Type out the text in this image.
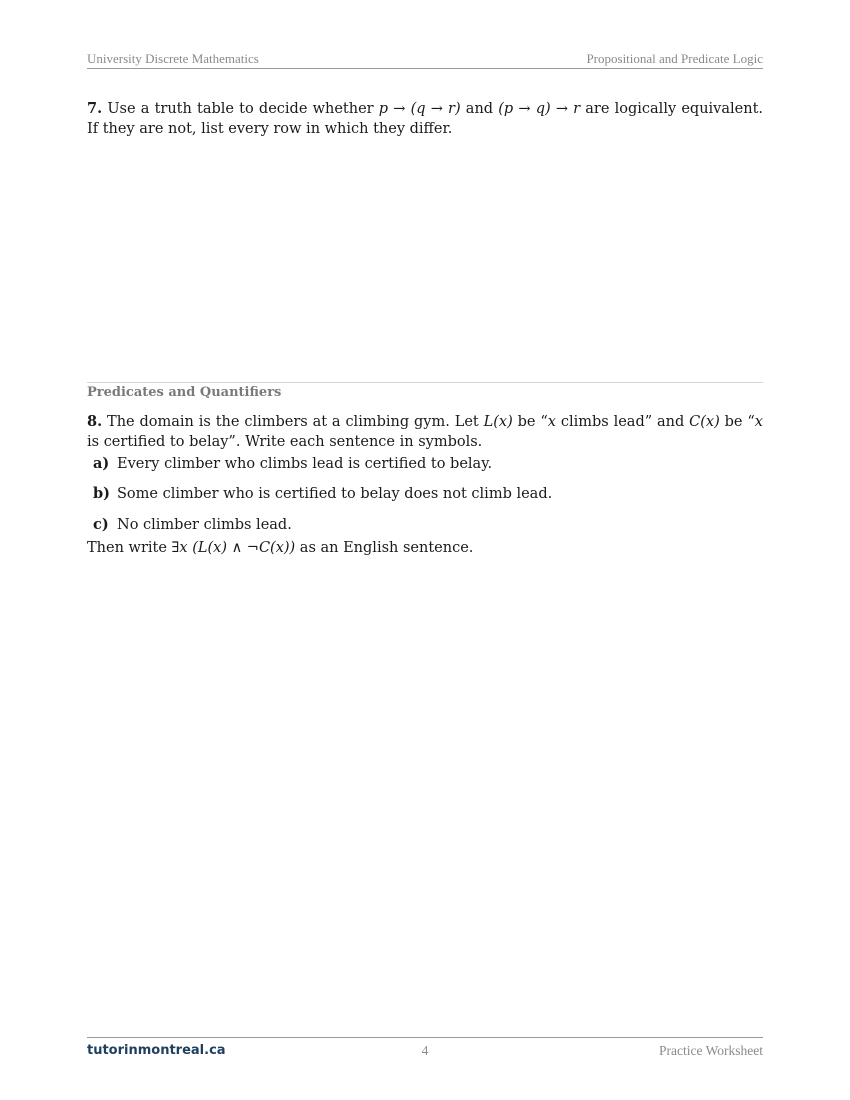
University Discrete Mathematics	Propositional and Predicate Logic
7. Use a truth table to decide whether p → (q → r) and (p → q) → r are logically equivalent. If they are not, list every row in which they differ.
Predicates and Quantifiers
8. The domain is the climbers at a climbing gym. Let L(x) be “x climbs lead” and C(x) be “x is certified to belay”. Write each sentence in symbols.
a) Every climber who climbs lead is certified to belay.
b) Some climber who is certified to belay does not climb lead.
c) No climber climbs lead.
Then write ∃x (L(x) ∧ ¬C(x)) as an English sentence.
tutorinmontreal.ca	4	Practice Worksheet
